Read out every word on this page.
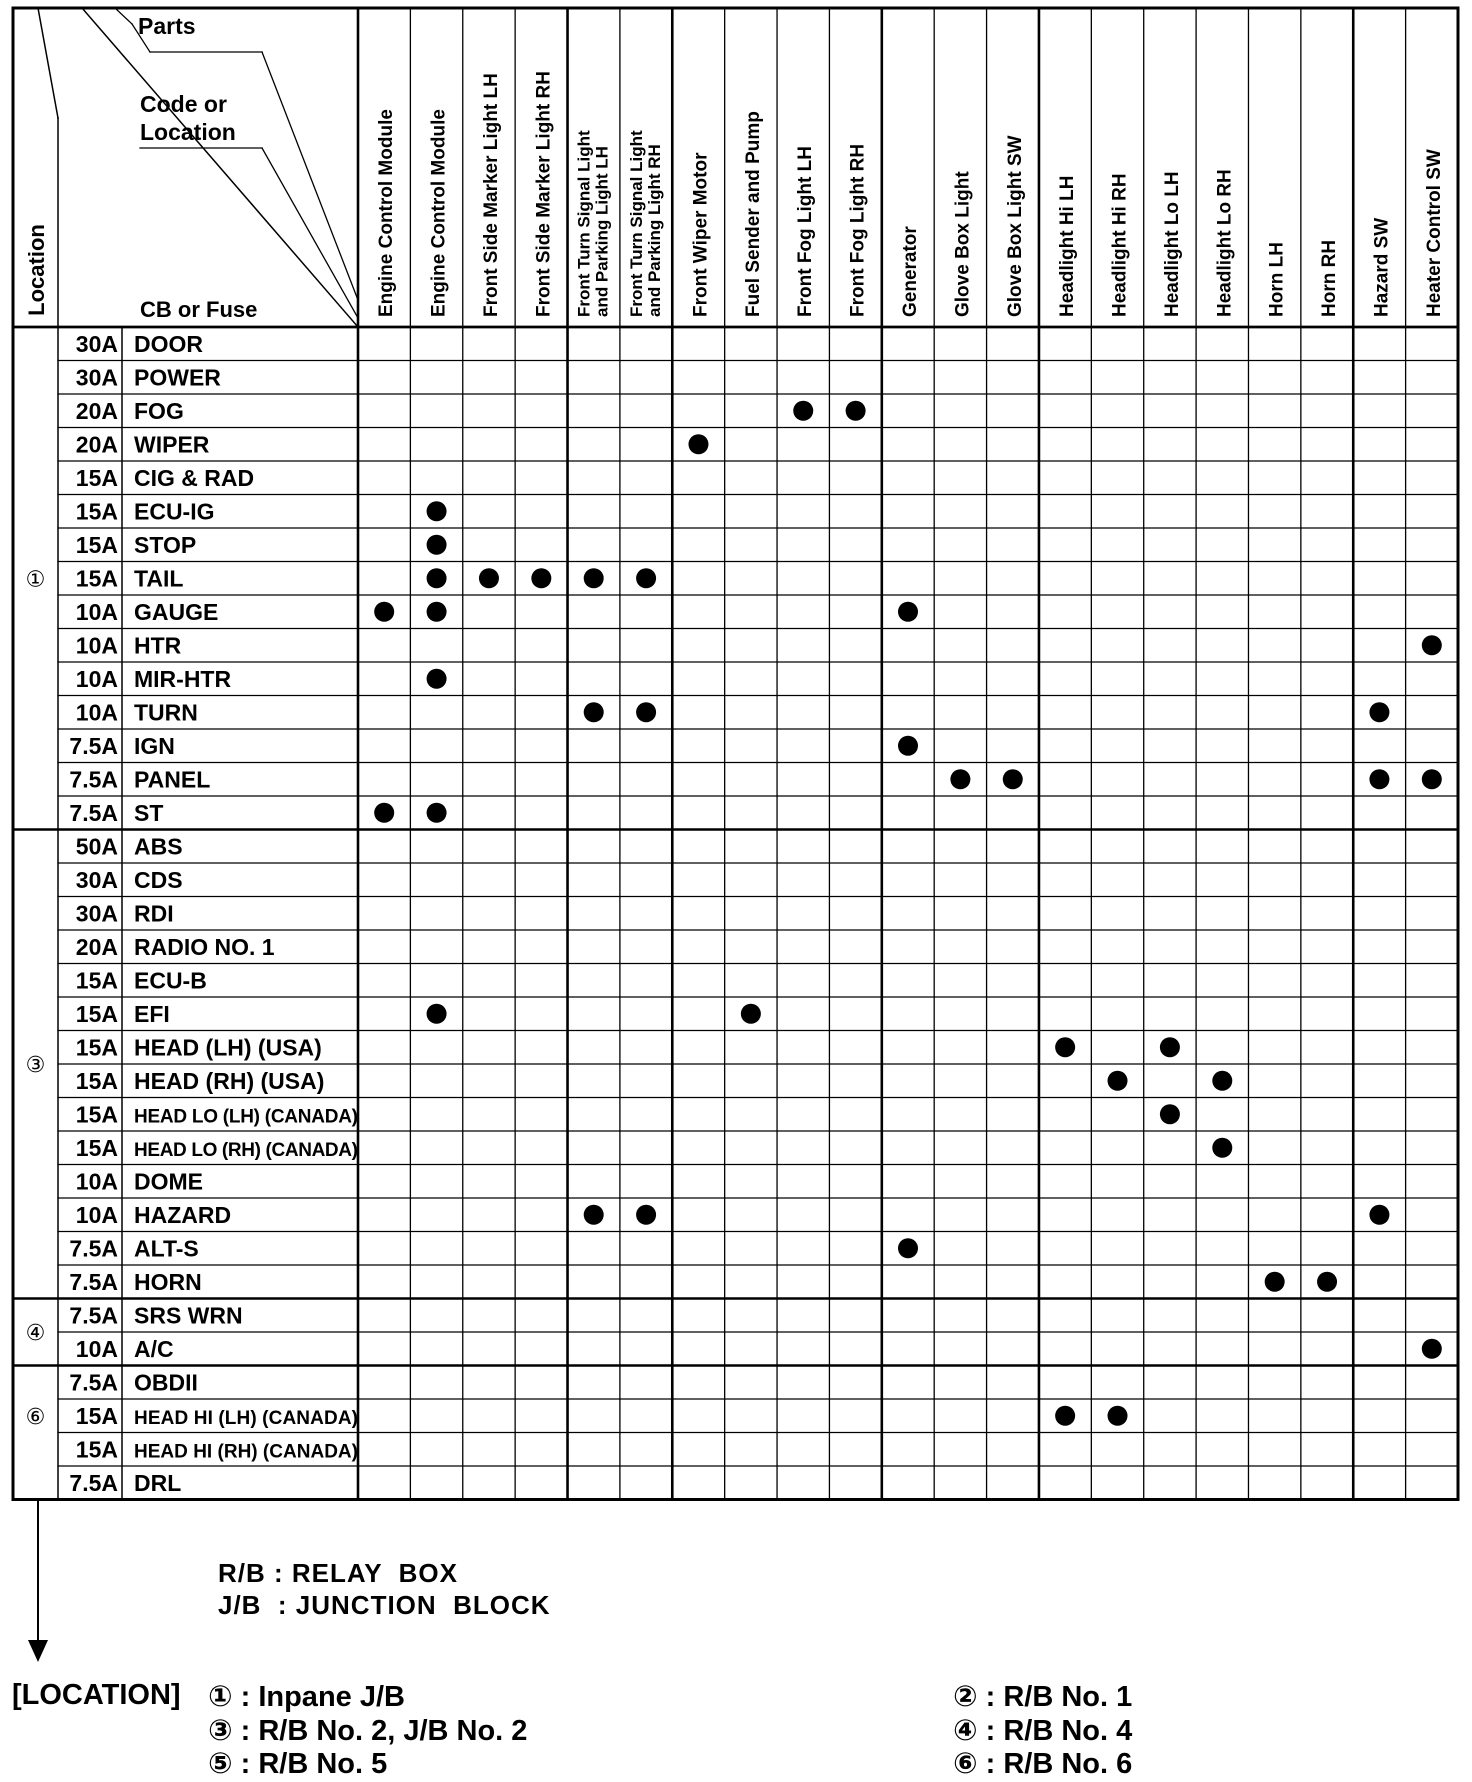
Location
Parts
Code or
Location
CB or Fuse	Engine Control Module Engine Control Module Front Side Marker Light LH Front Side Marker Light RH Front Turn Signal Light and Parking Light LH Front Turn Signal Light and Parking Light RH Front Wiper Motor Fuel Sender and Pump Front Fog Light LH Front Fog Light RH Generator Glove Box Light Glove Box Light SW Headlight Hi LH Headlight Hi RH Headlight Lo LH Headlight Lo RH Horn LH Horn RH Hazard SW Heater Control SW
①
③
④
⑥
30A DOOR
30A POWER
20A FOG
20A WIPER
15A CIG & RAD
15A ECU-IG
15A STOP
15A TAIL
10A GAUGE
10A HTR
10A MIR-HTR
10A TURN
7.5A IGN
7.5A PANEL
7.5A ST
50A ABS
30A CDS
30A RDI
20A RADIO NO. 1
15A ECU-B
15A EFI
15A HEAD (LH) (USA)
15A HEAD (RH) (USA)
15A HEAD LO (LH) (CANADA)
15A HEAD LO (RH) (CANADA)
10A DOME
10A HAZARD
7.5A ALT-S
7.5A HORN
7.5A SRS WRN
10A A/C
7.5A OBDII
15A HEAD HI (LH) (CANADA)
15A HEAD HI (RH) (CANADA)
7.5A DRL
R/B : RELAY  BOX
J/B  : JUNCTION  BLOCK
[LOCATION] ① : Inpane J/B
③ : R/B No. 2, J/B No. 2
⑤ : R/B No. 5
② : R/B No. 1
④ : R/B No. 4
⑥ : R/B No. 6
